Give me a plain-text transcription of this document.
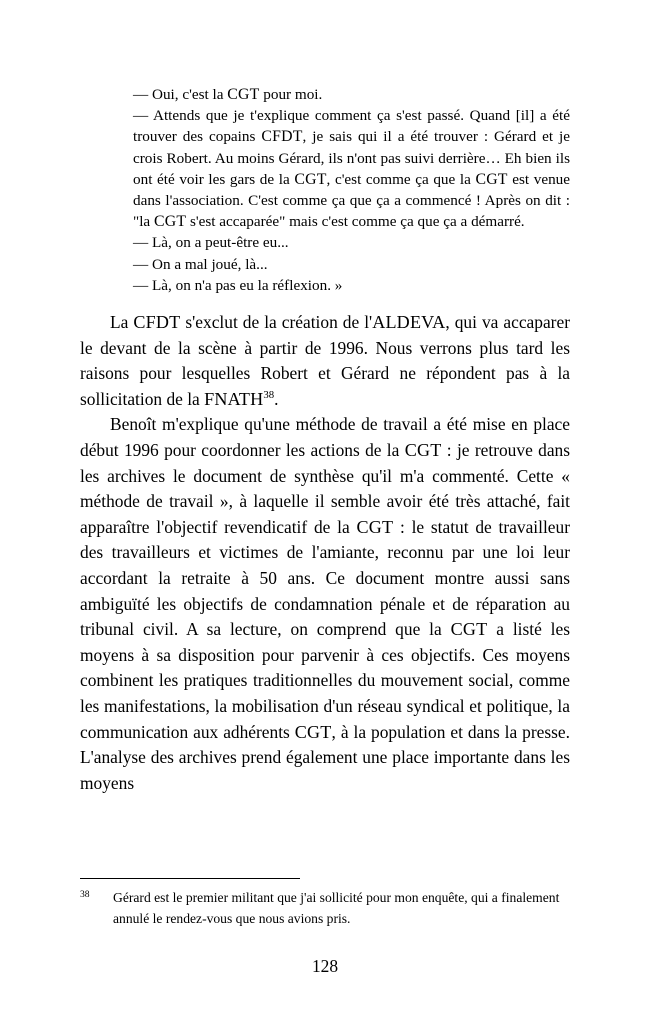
— Oui, c'est la CGT pour moi.

— Attends que je t'explique comment ça s'est passé. Quand [il] a été trouver des copains CFDT, je sais qui il a été trouver : Gérard et je crois Robert. Au moins Gérard, ils n'ont pas suivi derrière… Eh bien ils ont été voir les gars de la CGT, c'est comme ça que la CGT est venue dans l'association. C'est comme ça que ça a commencé ! Après on dit : "la CGT s'est accaparée" mais c'est comme ça que ça a démarré.

— Là, on a peut-être eu...

— On a mal joué, là...

— Là, on n'a pas eu la réflexion. »

La CFDT s'exclut de la création de l'ALDEVA, qui va accaparer le devant de la scène à partir de 1996. Nous verrons plus tard les raisons pour lesquelles Robert et Gérard ne répondent pas à la sollicitation de la FNATH$^{38}$.

Benoît m'explique qu'une méthode de travail a été mise en place début 1996 pour coordonner les actions de la CGT : je retrouve dans les archives le document de synthèse qu'il m'a commenté. Cette « méthode de travail », à laquelle il semble avoir été très attaché, fait apparaître l'objectif revendicatif de la CGT : le statut de travailleur des travailleurs et victimes de l'amiante, reconnu par une loi leur accordant la retraite à 50 ans. Ce document montre aussi sans ambiguïté les objectifs de condamnation pénale et de réparation au tribunal civil. A sa lecture, on comprend que la CGT a listé les moyens à sa disposition pour parvenir à ces objectifs. Ces moyens combinent les pratiques traditionnelles du mouvement social, comme les manifestations, la mobilisation d'un réseau syndical et politique, la communication aux adhérents CGT, à la population et dans la presse. L'analyse des archives prend également une place importante dans les moyens

38 Gérard est le premier militant que j'ai sollicité pour mon enquête, qui a finalement annulé le rendez-vous que nous avions pris.
128
